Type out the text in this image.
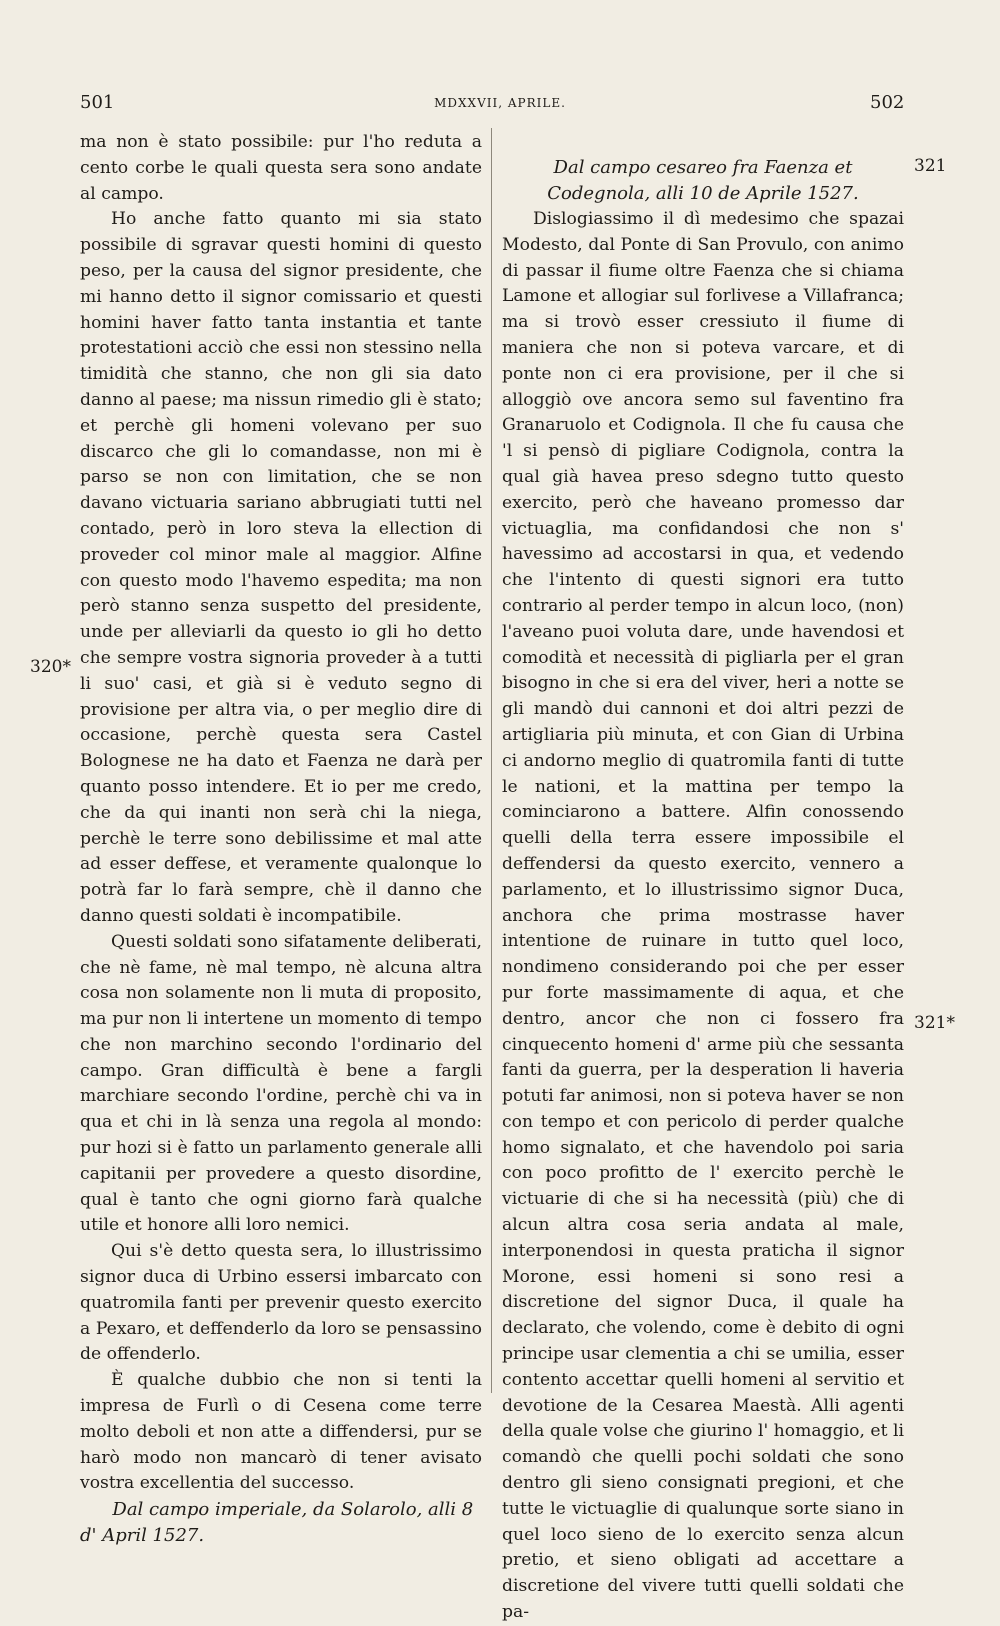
501	MDXXVII, APRILE.	502

ma non è stato possibile: pur l'ho reduta a cento corbe le quali questa sera sono andate al campo.

Ho anche fatto quanto mi sia stato possibile di sgravar questi homini di questo peso, per la causa del signor presidente, che mi hanno detto il signor comissario et questi homini haver fatto tanta instantia et tante protestationi acciò che essi non stessino nella timidità che stanno, che non gli sia dato danno al paese; ma nissun rimedio gli è stato; et perchè gli homeni volevano per suo discarco che gli lo comandasse, non mi è parso se non con limitation, che se non davano victuaria sariano abbrugiati tutti nel contado, però in loro steva la ellection di proveder col minor male al maggior. Alfine con questo modo l'havemo espedita; ma non però stanno senza suspetto del presidente, unde per alleviarli da questo io gli ho detto che sempre vostra signoria proveder à a tutti li suo' casi, et già si è veduto segno di provisione per altra via, o per meglio dire di occasione, perchè questa sera Castel Bolognese ne ha dato et Faenza ne darà per quanto posso intendere. Et io per me credo, che da qui inanti non serà chi la niega, perchè le terre sono debilissime et mal atte ad esser deffese, et veramente qualonque lo potrà far lo farà sempre, chè il danno che danno questi soldati è incompatibile.

Questi soldati sono sifatamente deliberati, che nè fame, nè mal tempo, nè alcuna altra cosa non solamente non li muta di proposito, ma pur non li intertene un momento di tempo che non marchino secondo l'ordinario del campo. Gran difficultà è bene a fargli marchiare secondo l'ordine, perchè chi va in qua et chi in là senza una regola al mondo: pur hozi si è fatto un parlamento generale alli capitanii per provedere a questo disordine, qual è tanto che ogni giorno farà qualche utile et honore alli loro nemici.

Qui s'è detto questa sera, lo illustrissimo signor duca di Urbino essersi imbarcato con quatromila fanti per prevenir questo exercito a Pexaro, et deffenderlo da loro se pensassino de offenderlo.

È qualche dubbio che non si tenti la impresa de Furlì o di Cesena come terre molto deboli et non atte a diffendersi, pur se harò modo non mancarò di tener avisato vostra excellentia del successo.

Dal campo imperiale, da Solarolo, alli 8 d' April 1527.

Dal campo cesareo fra Faenza et Codegnola, alli 10 de Aprile 1527.

Dislogiassimo il dì medesimo che spazai Modesto, dal Ponte di San Provulo, con animo di passar il fiume oltre Faenza che si chiama Lamone et allogiar sul forlivese a Villafranca; ma si trovò esser cressiuto il fiume di maniera che non si poteva varcare, et di ponte non ci era provisione, per il che si alloggiò ove ancora semo sul faventino fra Granaruolo et Codignola. Il che fu causa che 'l si pensò di pigliare Codignola, contra la qual già havea preso sdegno tutto questo exercito, però che haveano promesso dar victuaglia, ma confidandosi che non s' havessimo ad accostarsi in qua, et vedendo che l'intento di questi signori era tutto contrario al perder tempo in alcun loco, (non) l'aveano puoi voluta dare, unde havendosi et comodità et necessità di pigliarla per el gran bisogno in che si era del viver, heri a notte se gli mandò dui cannoni et doi altri pezzi de artigliaria più minuta, et con Gian di Urbina ci andorno meglio di quatromila fanti di tutte le nationi, et la mattina per tempo la cominciarono a battere. Alfin conossendo quelli della terra essere impossibile el deffendersi da questo exercito, vennero a parlamento, et lo illustrissimo signor Duca, anchora che prima mostrasse haver intentione de ruinare in tutto quel loco, nondimeno considerando poi che per esser pur forte massimamente di aqua, et che dentro, ancor che non ci fossero fra cinquecento homeni d' arme più che sessanta fanti da guerra, per la desperation li haveria potuti far animosi, non si poteva haver se non con tempo et con pericolo di perder qualche homo signalato, et che havendolo poi saria con poco profitto de l' exercito perchè le victuarie di che si ha necessità (più) che di alcun altra cosa seria andata al male, interponendosi in questa praticha il signor Morone, essi homeni si sono resi a discretione del signor Duca, il quale ha declarato, che volendo, come è debito di ogni principe usar clementia a chi se umilia, esser contento accettar quelli homeni al servitio et devotione de la Cesarea Maestà. Alli agenti della quale volse che giurino l' homaggio, et li comandò che quelli pochi soldati che sono dentro gli sieno consignati pregioni, et che tutte le victuaglie di qualunque sorte siano in quel loco sieno de lo exercito senza alcun pretio, et sieno obligati ad accettare a discretione del vivere tutti quelli soldati che pa-

320*
321
321*
